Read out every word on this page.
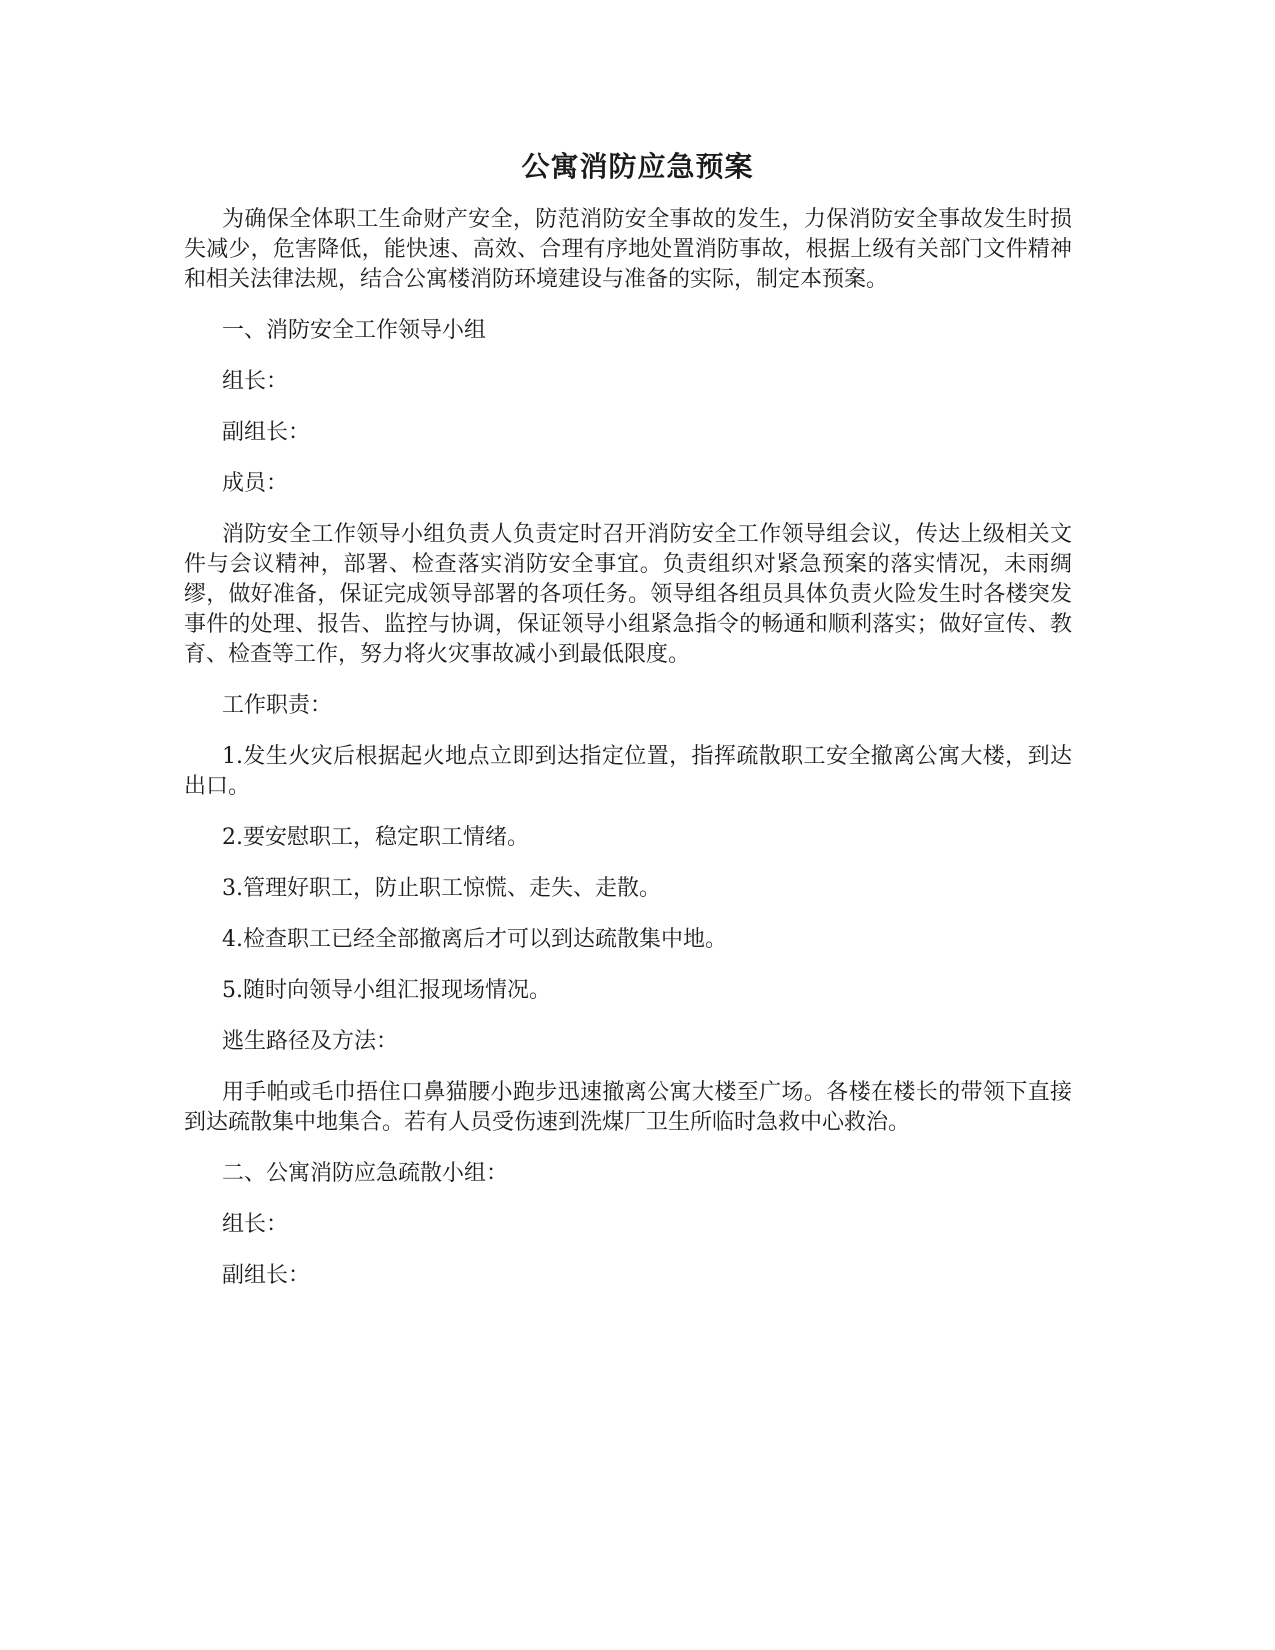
公寓消防应急预案

为确保全体职工生命财产安全，防范消防安全事故的发生，力保消防安全事故发生时损失减少，危害降低，能快速、高效、合理有序地处置消防事故，根据上级有关部门文件精神和相关法律法规，结合公寓楼消防环境建设与准备的实际，制定本预案。

一、消防安全工作领导小组

组长：

副组长：

成员：

消防安全工作领导小组负责人负责定时召开消防安全工作领导组会议，传达上级相关文件与会议精神，部署、检查落实消防安全事宜。负责组织对紧急预案的落实情况，未雨绸缪，做好准备，保证完成领导部署的各项任务。领导组各组员具体负责火险发生时各楼突发事件的处理、报告、监控与协调，保证领导小组紧急指令的畅通和顺利落实；做好宣传、教育、检查等工作，努力将火灾事故减小到最低限度。

工作职责：

1.发生火灾后根据起火地点立即到达指定位置，指挥疏散职工安全撤离公寓大楼，到达出口。

2.要安慰职工，稳定职工情绪。

3.管理好职工，防止职工惊慌、走失、走散。

4.检查职工已经全部撤离后才可以到达疏散集中地。

5.随时向领导小组汇报现场情况。

逃生路径及方法：

用手帕或毛巾捂住口鼻猫腰小跑步迅速撤离公寓大楼至广场。各楼在楼长的带领下直接到达疏散集中地集合。若有人员受伤速到洗煤厂卫生所临时急救中心救治。

二、公寓消防应急疏散小组：

组长：

副组长：
